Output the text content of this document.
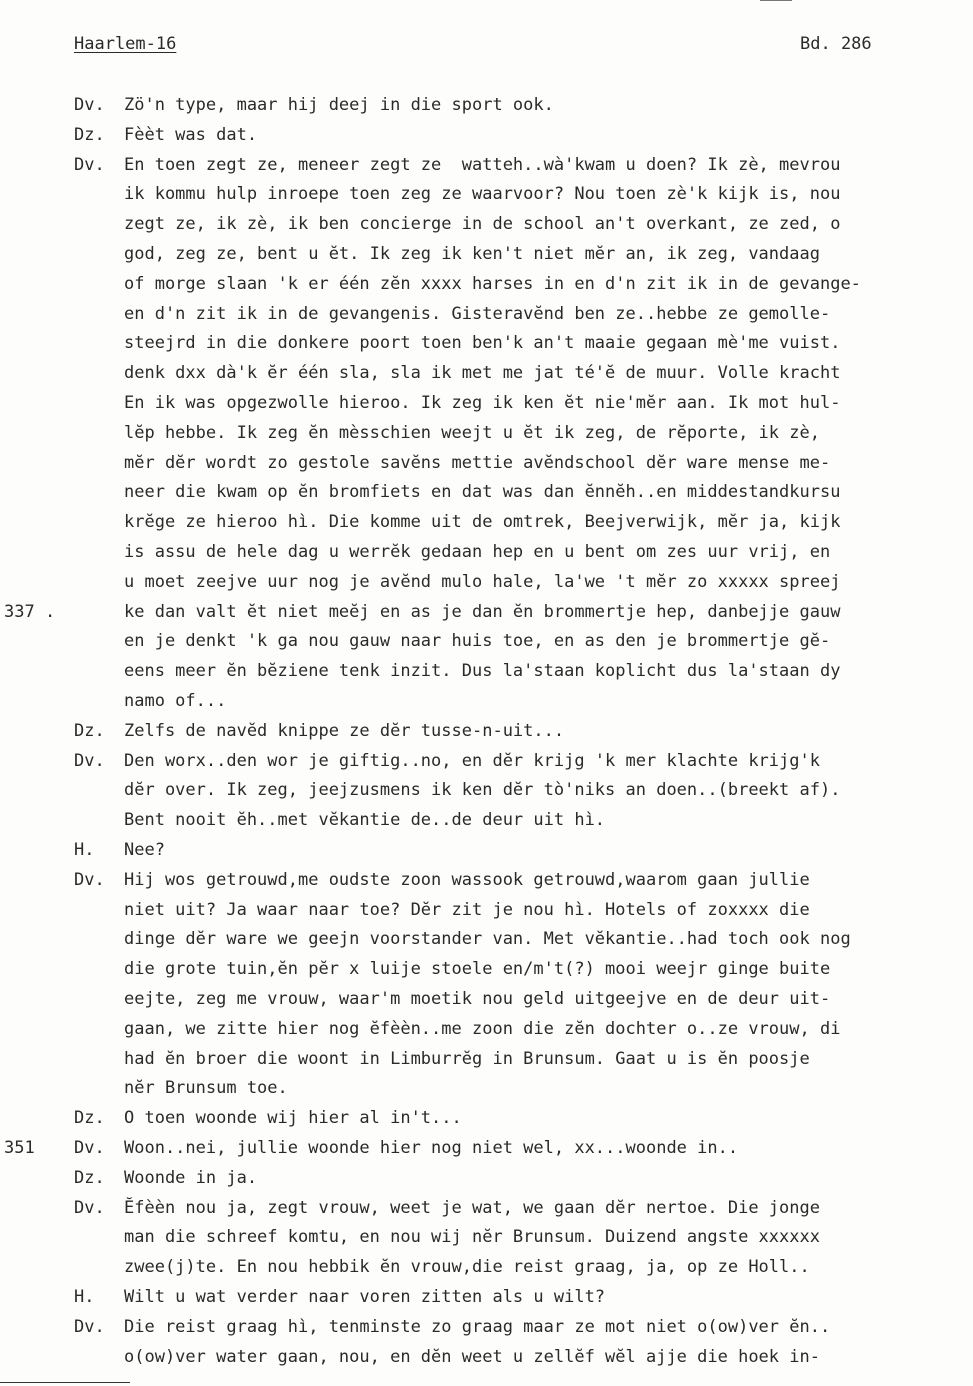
Haarlem-16	Bd. 286
Dv. Zö'n type, maar hij deej in die sport ook.
Dz. Fèèt was dat.
Dv. En toen zegt ze, meneer zegt ze  watteh..wà'kwam u doen? Ik zè, mevrou
ik kommu hulp inroepe toen zeg ze waarvoor? Nou toen zè'k kijk is, nou
zegt ze, ik zè, ik ben concierge in de school an't overkant, ze zed, o
god, zeg ze, bent u ĕt. Ik zeg ik ken't niet mĕr an, ik zeg, vandaag
of morge slaan 'k er één zĕn xxxx harses in en d'n zit ik in de gevange-
en d'n zit ik in de gevangenis. Gisteravĕnd ben ze..hebbe ze gemolle-
steejrd in die donkere poort toen ben'k an't maaie gegaan mè'me vuist.
denk dxx dà'k ĕr één sla, sla ik met me jat té'ĕ de muur. Volle kracht
En ik was opgezwolle hieroo. Ik zeg ik ken ĕt nie'mĕr aan. Ik mot hul-
lĕp hebbe. Ik zeg ĕn mèsschien weejt u ĕt ik zeg, de rĕporte, ik zè,
mĕr dĕr wordt zo gestole savĕns mettie avĕndschool dĕr ware mense me-
neer die kwam op ĕn bromfiets en dat was dan ĕnnĕh..en middestandkursu
krĕge ze hieroo hì. Die komme uit de omtrek, Beejverwijk, mĕr ja, kijk
is assu de hele dag u werrĕk gedaan hep en u bent om zes uur vrij, en
u moet zeejve uur nog je avĕnd mulo hale, la'we 't mĕr zo xxxxx spreej
337 .	ke dan valt ĕt niet meĕj en as je dan ĕn brommertje hep, danbejje gauw
en je denkt 'k ga nou gauw naar huis toe, en as den je brommertje gĕ-
eens meer ĕn bĕziene tenk inzit. Dus la'staan koplicht dus la'staan dy
namo of...
Dz. Zelfs de navĕd knippe ze dĕr tusse-n-uit...
Dv. Den worx..den wor je giftig..no, en dĕr krijg 'k mer klachte krijg'k
dĕr over. Ik zeg, jeejzusmens ik ken dĕr tò'niks an doen..(breekt af).
Bent nooit ĕh..met vĕkantie de..de deur uit hì.
H. Nee?
Dv. Hij wos getrouwd,me oudste zoon wassook getrouwd,waarom gaan jullie
niet uit? Ja waar naar toe? Dĕr zit je nou hì. Hotels of zoxxxx die
dinge dĕr ware we geejn voorstander van. Met vĕkantie..had toch ook nog
die grote tuin,ĕn pĕr x luije stoele en/m't(?) mooi weejr ginge buite
eejte, zeg me vrouw, waar'm moetik nou geld uitgeejve en de deur uit-
gaan, we zitte hier nog ĕfèèn..me zoon die zĕn dochter o..ze vrouw, di
had ĕn broer die woont in Limburrĕg in Brunsum. Gaat u is ĕn poosje
nĕr Brunsum toe.
Dz. O toen woonde wij hier al in't...
351 Dv. Woon..nei, jullie woonde hier nog niet wel, xx...woonde in..
Dz. Woonde in ja.
Dv. Ĕfèèn nou ja, zegt vrouw, weet je wat, we gaan dĕr nertoe. Die jonge
man die schreef komtu, en nou wij nĕr Brunsum. Duizend angste xxxxxx
zwee(j)te. En nou hebbik ĕn vrouw,die reist graag, ja, op ze Holl..
H. Wilt u wat verder naar voren zitten als u wilt?
Dv. Die reist graag hì, tenminste zo graag maar ze mot niet o(ow)ver ĕn..
o(ow)ver water gaan, nou, en dĕn weet u zellĕf wĕl ajje die hoek in-
